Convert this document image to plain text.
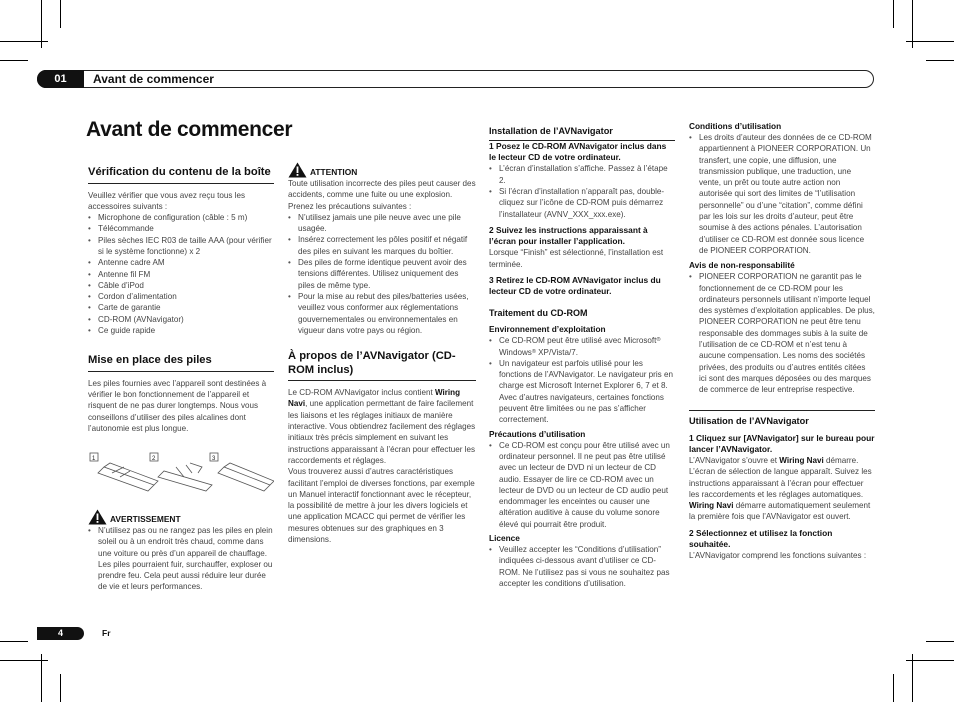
01	Avant de commencer
Avant de commencer
Vérification du contenu de la boîte

Veuillez vérifier que vous avez reçu tous les accessoires suivants :

• Microphone de configuration (câble : 5 m)
• Télécommande
• Piles sèches IEC R03 de taille AAA (pour vérifier si le système fonctionne) x 2
• Antenne cadre AM
• Antenne fil FM
• Câble d’iPod
• Cordon d’alimentation
• Carte de garantie
• CD-ROM (AVNavigator)
• Ce guide rapide
Mise en place des piles

Les piles fournies avec l’appareil sont destinées à vérifier le bon fonctionnement de l’appareil et risquent de ne pas durer longtemps. Nous vous conseillons d’utiliser des piles alcalines dont l’autonomie est plus longue.

1	2	3
AVERTISSEMENT
• N’utilisez pas ou ne rangez pas les piles en plein soleil ou à un endroit très chaud, comme dans une voiture ou près d’un appareil de chauffage. Les piles pourraient fuir, surchauffer, exploser ou prendre feu. Cela peut aussi réduire leur durée de vie et leurs performances.
ATTENTION

Toute utilisation incorrecte des piles peut causer des accidents, comme une fuite ou une explosion. Prenez les précautions suivantes :

• N’utilisez jamais une pile neuve avec une pile usagée.
• Insérez correctement les pôles positif et négatif des piles en suivant les marques du boîtier.
• Des piles de forme identique peuvent avoir des tensions différentes. Utilisez uniquement des piles de même type.
• Pour la mise au rebut des piles/batteries usées, veuillez vous conformer aux réglementations gouvernementales ou environnementales en vigueur dans votre pays ou région.
À propos de l’AVNavigator (CD-ROM inclus)

Le CD-ROM AVNavigator inclus contient Wiring Navi, une application permettant de faire facilement les liaisons et les réglages initiaux de manière interactive. Vous obtiendrez facilement des réglages initiaux très précis simplement en suivant les instructions apparaissant à l’écran pour effectuer les raccordements et réglages.

Vous trouverez aussi d’autres caractéristiques facilitant l’emploi de diverses fonctions, par exemple un Manuel interactif fonctionnant avec le récepteur, la possibilité de mettre à jour les divers logiciels et une application MCACC qui permet de vérifier les mesures obtenues sur des graphiques en 3 dimensions.

Installation de l’AVNavigator

1 Posez le CD-ROM AVNavigator inclus dans le lecteur CD de votre ordinateur.

• L’écran d’installation s’affiche. Passez à l’étape 2.
• Si l’écran d’installation n’apparaît pas, double-cliquez sur l’icône de CD-ROM puis démarrez l’installateur (AVNV_XXX_xxx.exe).

2 Suivez les instructions apparaissant à l’écran pour installer l’application.

Lorsque “Finish” est sélectionné, l’installation est terminée.

3 Retirez le CD-ROM AVNavigator inclus du lecteur CD de votre ordinateur.

Traitement du CD-ROM
Environnement d’exploitation
• Ce CD-ROM peut être utilisé avec Microsoft® Windows® XP/Vista/7.
• Un navigateur est parfois utilisé pour les fonctions de l’AVNavigator. Le navigateur pris en charge est Microsoft Internet Explorer 6, 7 et 8. Avec d’autres navigateurs, certaines fonctions peuvent être limitées ou ne pas s’afficher correctement.
Précautions d’utilisation
• Ce CD-ROM est conçu pour être utilisé avec un ordinateur personnel. Il ne peut pas être utilisé avec un lecteur de DVD ni un lecteur de CD audio. Essayer de lire ce CD-ROM avec un lecteur de DVD ou un lecteur de CD audio peut endommager les enceintes ou causer une altération auditive à cause du volume sonore élevé qui pourrait être produit.
Licence
• Veuillez accepter les “Conditions d’utilisation” indiquées ci-dessous avant d’utiliser ce CD-ROM. Ne l’utilisez pas si vous ne souhaitez pas accepter les conditions d’utilisation.
Conditions d’utilisation
• Les droits d’auteur des données de ce CD-ROM appartiennent à PIONEER CORPORATION. Un transfert, une copie, une diffusion, une transmission publique, une traduction, une vente, un prêt ou toute autre action non autorisée qui sort des limites de “l’utilisation personnelle” ou d’une “citation”, comme défini par les lois sur les droits d’auteur, peut être soumise à des actions pénales. L’autorisation d’utiliser ce CD-ROM est donnée sous licence de PIONEER CORPORATION.
Avis de non-responsabilité
• PIONEER CORPORATION ne garantit pas le fonctionnement de ce CD-ROM pour les ordinateurs personnels utilisant n’importe lequel des systèmes d’exploitation applicables. De plus, PIONEER CORPORATION ne peut être tenu responsable des dommages subis à la suite de l’utilisation de ce CD-ROM et n’est tenu à aucune compensation. Les noms des sociétés privées, des produits ou d’autres entités citées ici sont des marques déposées ou des marques de commerce de leur entreprise respective.
Utilisation de l’AVNavigator

1 Cliquez sur [AVNavigator] sur le bureau pour lancer l’AVNavigator.

L’AVNavigator s’ouvre et Wiring Navi démarre. L’écran de sélection de langue apparaît. Suivez les instructions apparaissant à l’écran pour effectuer les raccordements et les réglages automatiques.

Wiring Navi démarre automatiquement seulement la première fois que l’AVNavigator est ouvert.

2 Sélectionnez et utilisez la fonction souhaitée.

L’AVNavigator comprend les fonctions suivantes :

4	Fr
